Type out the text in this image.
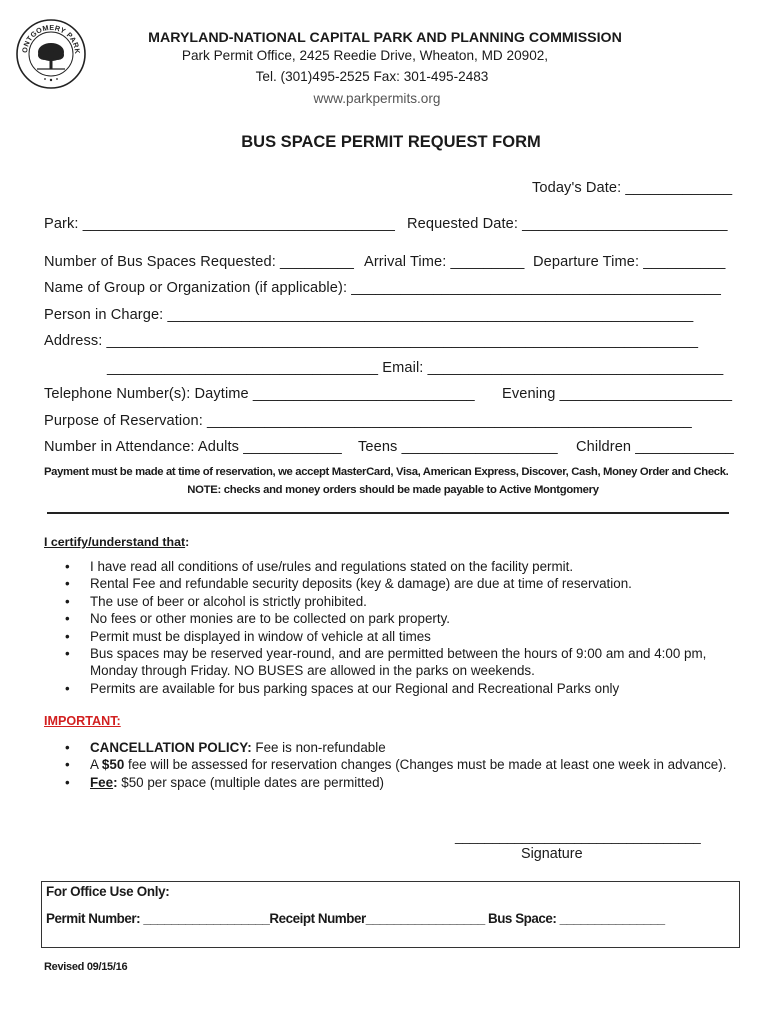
ONTGOMERY PARK
MARYLAND-NATIONAL CAPITAL PARK AND PLANNING COMMISSION
Park Permit Office, 2425 Reedie Drive, Wheaton, MD 20902,
Tel. (301)495-2525 Fax: 301-495-2483
www.parkpermits.org
BUS SPACE PERMIT REQUEST FORM
Today's Date: _____________
Park: ______________________________________ Requested Date: _________________________
Number of Bus Spaces Requested: _________ Arrival Time: _________ Departure Time: __________
Name of Group or Organization (if applicable): _____________________________________________
Person in Charge: ________________________________________________________________
Address: ________________________________________________________________________
_________________________________ Email: ____________________________________
Telephone Number(s): Daytime ___________________________ Evening _____________________
Purpose of Reservation: ___________________________________________________________
Number in Attendance: Adults ____________ Teens ___________________ Children ____________
Payment must be made at time of reservation, we accept MasterCard, Visa, American Express, Discover, Cash, Money Order and Check.
NOTE: checks and money orders should be made payable to Active Montgomery
I certify/understand that:
• I have read all conditions of use/rules and regulations stated on the facility permit.
• Rental Fee and refundable security deposits (key & damage) are due at time of reservation.
• The use of beer or alcohol is strictly prohibited.
• No fees or other monies are to be collected on park property.
• Permit must be displayed in window of vehicle at all times
• Bus spaces may be reserved year-round, and are permitted between the hours of 9:00 am and 4:00 pm, Monday through Friday. NO BUSES are allowed in the parks on weekends.
• Permits are available for bus parking spaces at our Regional and Recreational Parks only
IMPORTANT:
• CANCELLATION POLICY: Fee is non-refundable
• A $50 fee will be assessed for reservation changes (Changes must be made at least one week in advance).
• Fee: $50 per space (multiple dates are permitted)
_________________________________
Signature
For Office Use Only:
Permit Number: __________________Receipt Number_________________ Bus Space: _______________
Revised 09/15/16
